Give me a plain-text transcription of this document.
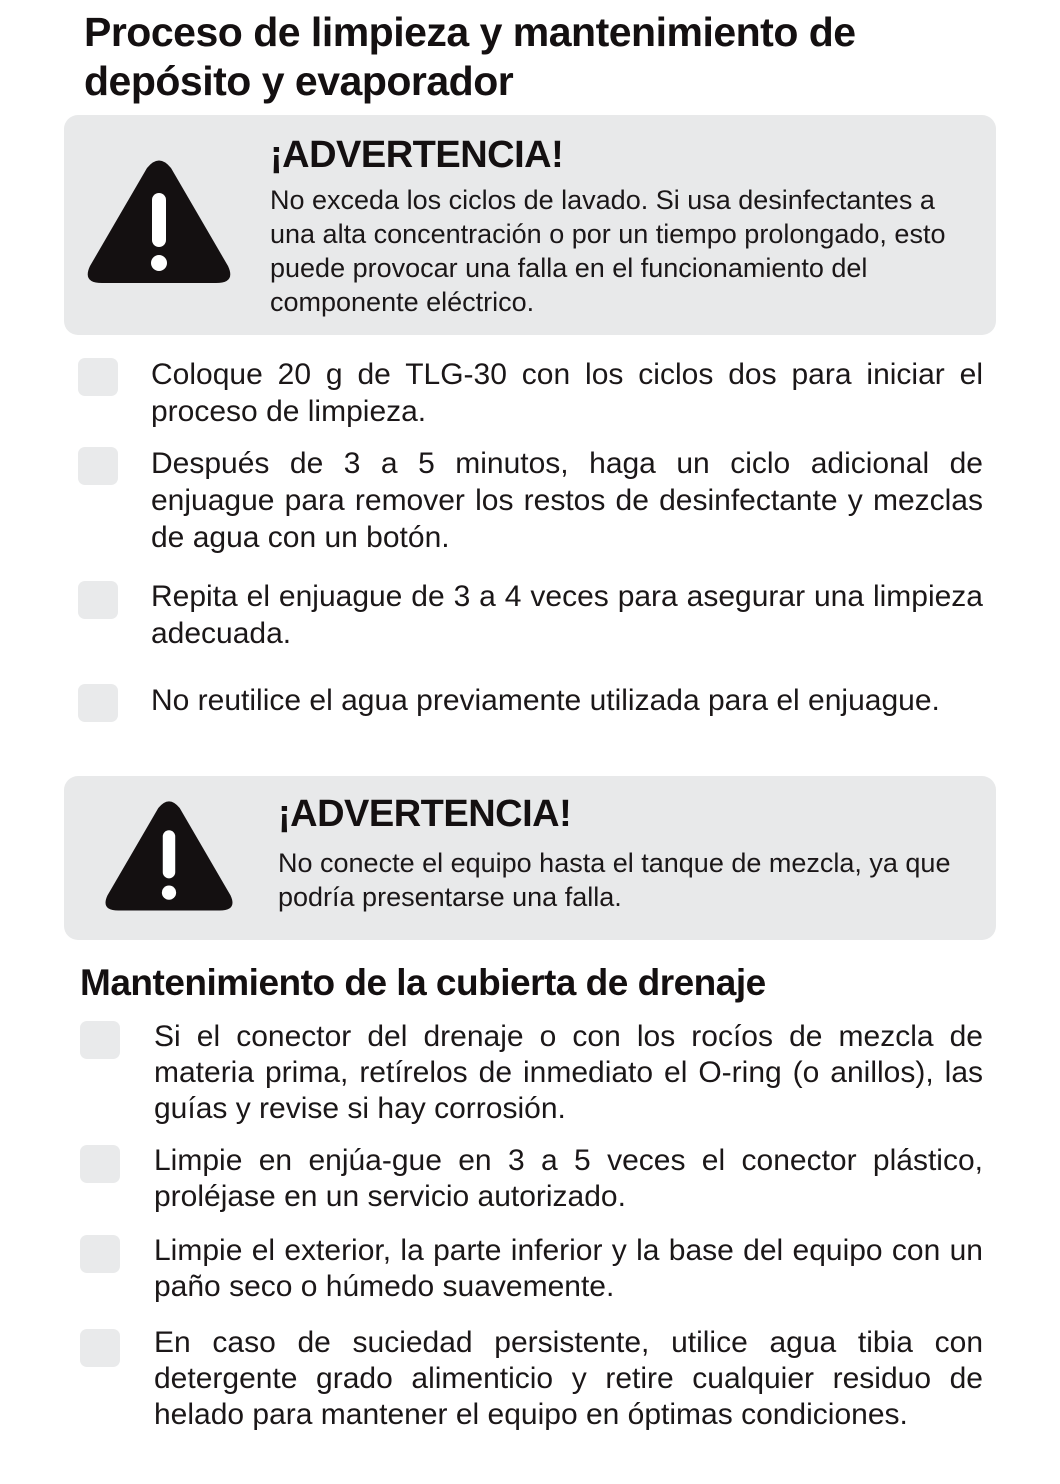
Proceso de limpieza y mantenimiento de depósito y evaporador
¡ADVERTENCIA!
No exceda los ciclos de lavado. Si usa desinfectantes a una alta concentración o por un tiempo prolongado, esto puede provocar una falla en el funcionamiento del componente eléctrico.
Coloque 20 g de TLG-30 con los ciclos dos para iniciar el proceso de limpieza.
Después de 3 a 5 minutos, haga un ciclo adicional de enjuague para remover los restos de desinfectante y mezclas de agua con un botón.
Repita el enjuague de 3 a 4 veces para asegurar una limpieza adecuada.
No reutilice el agua previamente utilizada para el enjuague.
¡ADVERTENCIA!
No conecte el equipo hasta el tanque de mezcla, ya que podría presentarse una falla.
Mantenimiento de la cubierta de drenaje
Si el conector del drenaje o con los rocíos de mezcla de materia prima, retírelos de inmediato el O-ring (o anillos), las guías y revise si hay corrosión.
Limpie en enjúa-gue en 3 a 5 veces el conector plástico, proléjase en un servicio autorizado.
Limpie el exterior, la parte inferior y la base del equipo con un paño seco o húmedo suavemente.
En caso de suciedad persistente, utilice agua tibia con detergente grado alimenticio y retire cualquier residuo de helado para mantener el equipo en óptimas condiciones.
